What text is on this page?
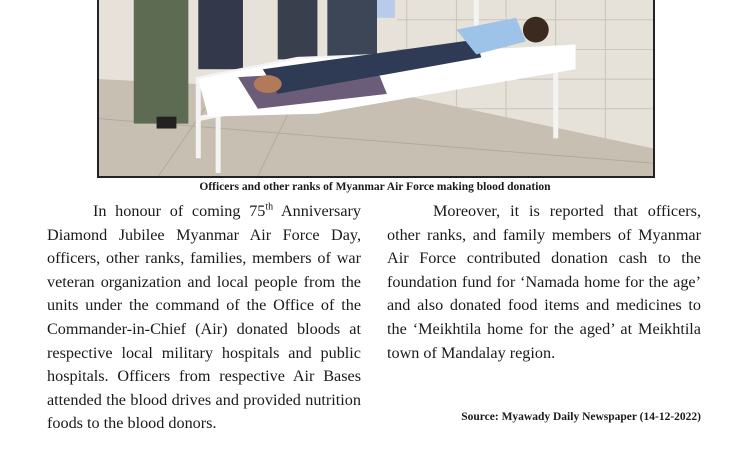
Officers and other ranks of Myanmar Air Force making blood donation

In honour of coming 75th Anniversary Diamond Jubilee Myanmar Air Force Day, officers, other ranks, families, members of war veteran organization and local people from the units under the command of the Office of the Commander-in-Chief (Air) donated bloods at respective local military hospitals and public hospitals. Officers from respective Air Bases attended the blood drives and provided nutrition foods to the blood donors.

Moreover, it is reported that officers, other ranks, and family members of Myanmar Air Force contributed donation cash to the foundation fund for ‘Namada home for the age’ and also donated food items and medicines to the ‘Meikhtila home for the aged’ at Meikhtila town of Mandalay region.

Source: Myawady Daily Newspaper (14-12-2022)
